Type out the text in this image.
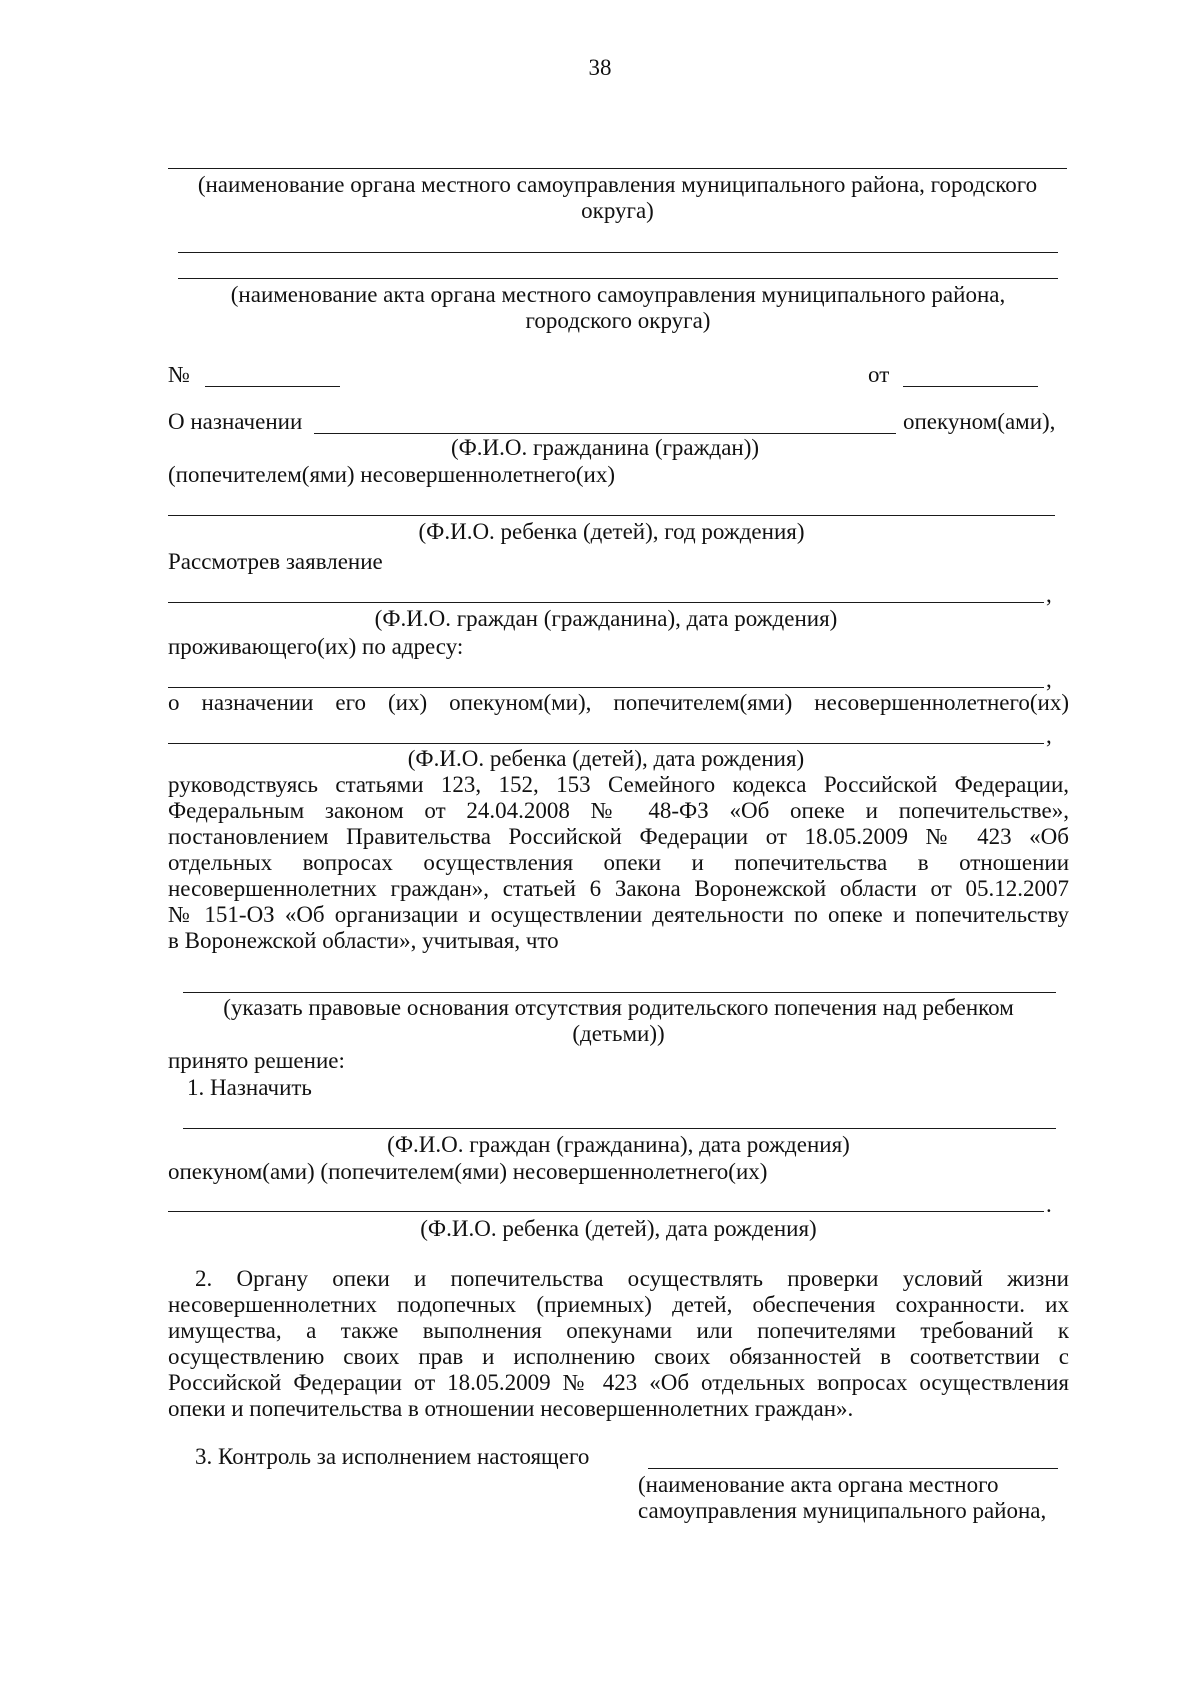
38
(наименование органа местного самоуправления муниципального района, городского
округа)
(наименование акта органа местного самоуправления муниципального района,
городского округа)
№	от
О назначении	опекуном(ами),
(Ф.И.О. гражданина (граждан))
(попечителем(ями) несовершеннолетнего(их)
(Ф.И.О. ребенка (детей), год рождения)
Рассмотрев заявление
,
(Ф.И.О. граждан (гражданина), дата рождения)
проживающего(их) по адресу:
,
о назначении его (их) опекуном(ми), попечителем(ями) несовершеннолетнего(их)
,
(Ф.И.О. ребенка (детей), дата рождения)
руководствуясь статьями 123, 152, 153 Семейного кодекса Российской Федерации,
Федеральным законом от 24.04.2008 № 48-ФЗ «Об опеке и попечительстве»,
постановлением Правительства Российской Федерации от 18.05.2009 № 423 «Об
отдельных вопросах осуществления опеки и попечительства в отношении
несовершеннолетних граждан», статьей 6 Закона Воронежской области от 05.12.2007
№ 151-ОЗ «Об организации и осуществлении деятельности по опеке и попечительству
в Воронежской области», учитывая, что
(указать правовые основания отсутствия родительского попечения над ребенком
(детьми))
принято решение:
1. Назначить
(Ф.И.О. граждан (гражданина), дата рождения)
опекуном(ами) (попечителем(ями) несовершеннолетнего(их)
.
(Ф.И.О. ребенка (детей), дата рождения)
2. Органу опеки и попечительства осуществлять проверки условий жизни
несовершеннолетних подопечных (приемных) детей, обеспечения сохранности. их
имущества, а также выполнения опекунами или попечителями требований к
осуществлению своих прав и исполнению своих обязанностей в соответствии с
Российской Федерации от 18.05.2009 № 423 «Об отдельных вопросах осуществления
опеки и попечительства в отношении несовершеннолетних граждан».
3. Контроль за исполнением настоящего
(наименование акта органа местного
самоуправления муниципального района,
